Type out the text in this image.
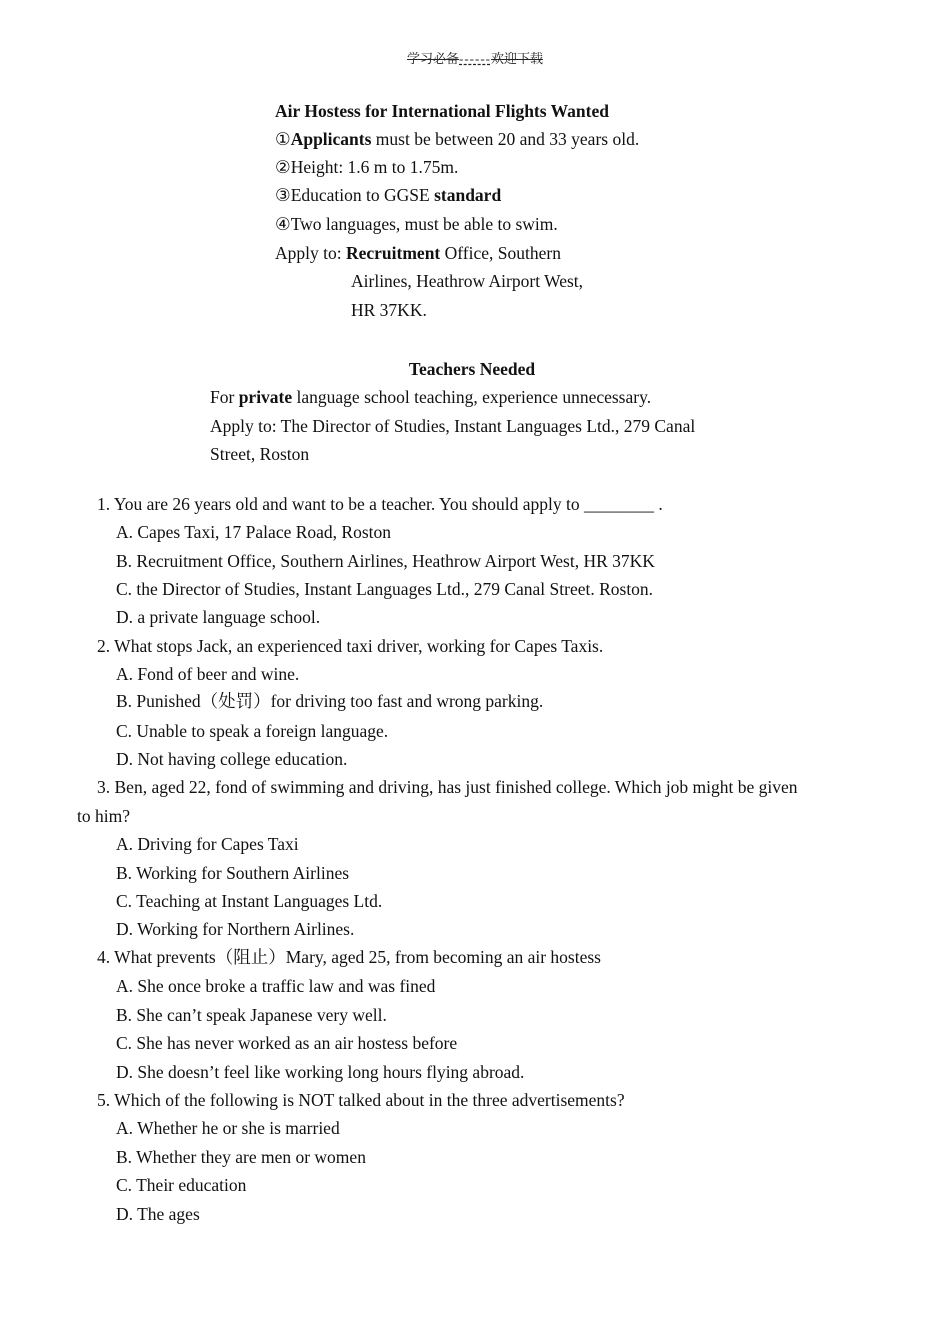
学习必备------欢迎下载
Air Hostess for International Flights Wanted
①Applicants must be between 20 and 33 years old.
②Height: 1.6 m to 1.75m.
③Education to GGSE standard
④Two languages, must be able to swim.
Apply to: Recruitment Office, Southern
Airlines, Heathrow Airport West,
HR 37KK.
Teachers Needed
For private language school teaching, experience unnecessary.
Apply to: The Director of Studies, Instant Languages Ltd., 279 Canal
Street, Roston
1. You are 26 years old and want to be a teacher. You should apply to ________ .
A. Capes Taxi, 17 Palace Road, Roston
B. Recruitment Office, Southern Airlines, Heathrow Airport West, HR 37KK
C. the Director of Studies, Instant Languages Ltd., 279 Canal Street. Roston.
D. a private language school.
2. What stops Jack, an experienced taxi driver, working for Capes Taxis.
A. Fond of beer and wine.
B. Punished（处罚）for driving too fast and wrong parking.
C. Unable to speak a foreign language.
D. Not having college education.
3. Ben, aged 22, fond of swimming and driving, has just finished college. Which job might be given
to him?
A. Driving for Capes Taxi
B. Working for Southern Airlines
C. Teaching at Instant Languages Ltd.
D. Working for Northern Airlines.
4. What prevents（阻止）Mary, aged 25, from becoming an air hostess
A. She once broke a traffic law and was fined
B. She can’t speak Japanese very well.
C. She has never worked as an air hostess before
D. She doesn’t feel like working long hours flying abroad.
5. Which of the following is NOT talked about in the three advertisements?
A. Whether he or she is married
B. Whether they are men or women
C. Their education
D. The ages
